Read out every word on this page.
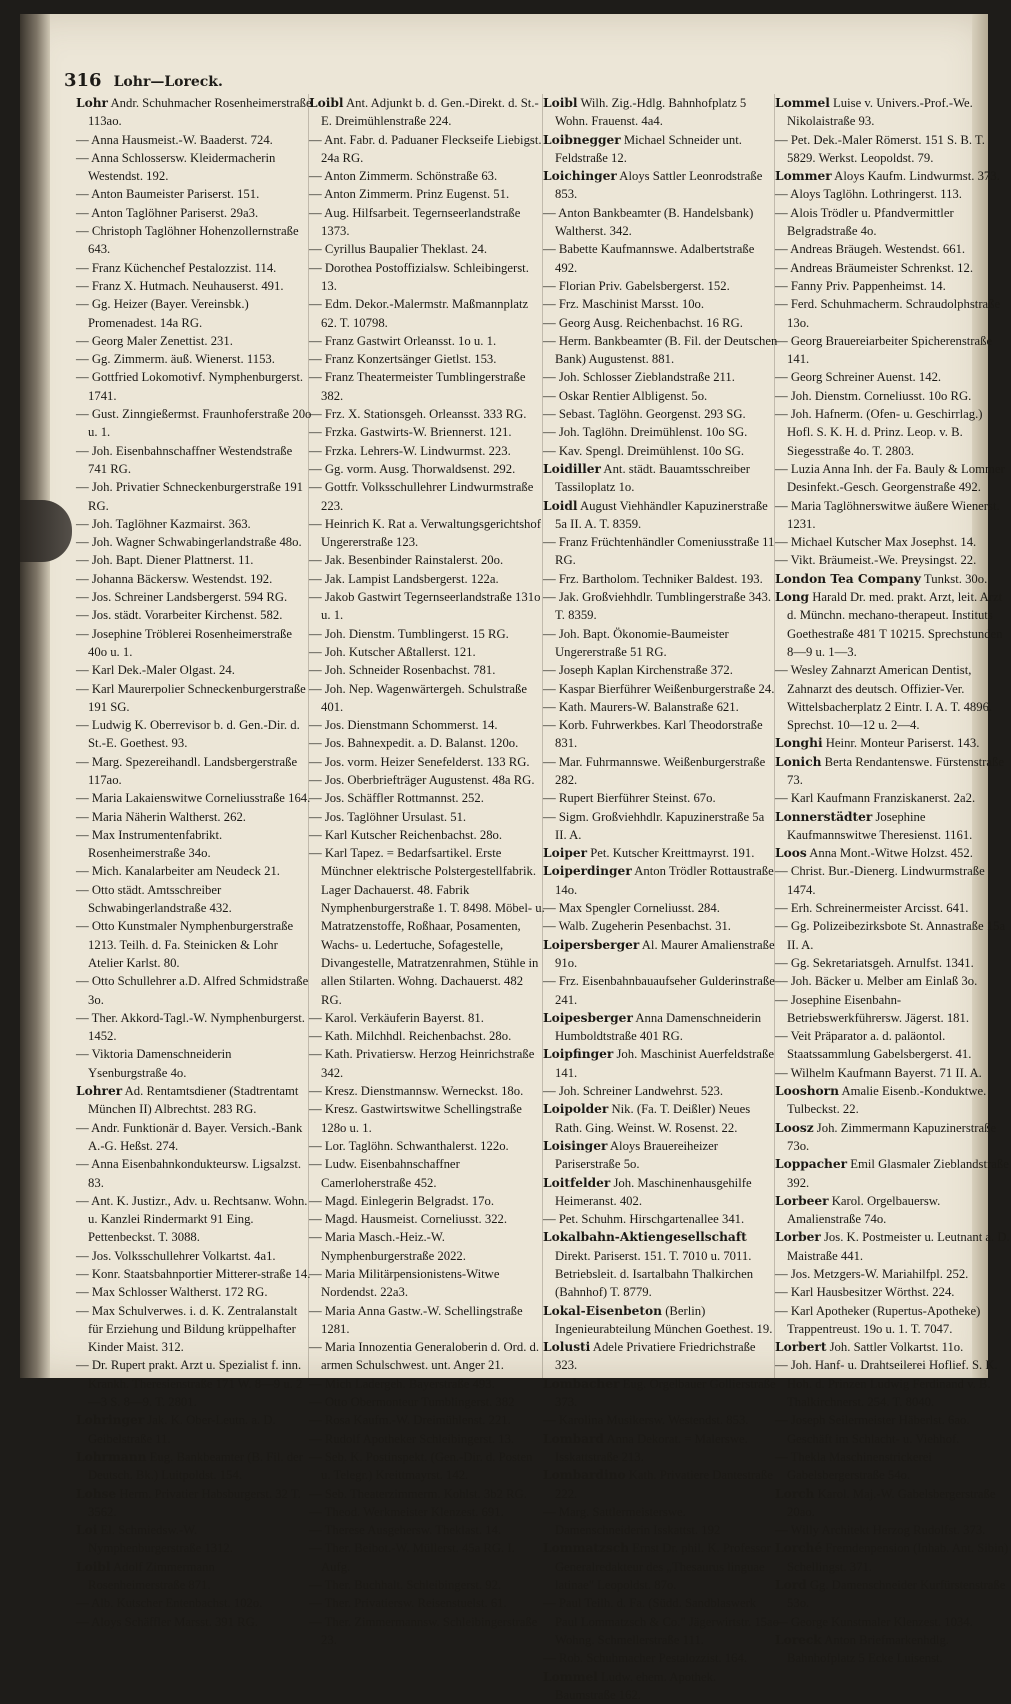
316 Lohr—Loreck.

Lohr Andr. Schuhmacher Rosenheimerstraße 113ao.

— Anna Hausmeist.-W. Baaderst. 724.

— Anna Schlossersw. Kleidermacherin Westendst. 192.

— Anton Baumeister Pariserst. 151.

— Anton Taglöhner Pariserst. 29a3.

— Christoph Taglöhner Hohenzollernstraße 643.

— Franz Küchenchef Pestalozzist. 114.

— Franz X. Hutmach. Neuhauserst. 491.

— Gg. Heizer (Bayer. Vereinsbk.) Promenadest. 14a RG.

— Georg Maler Zenettist. 231.

— Gg. Zimmerm. äuß. Wienerst. 1153.

— Gottfried Lokomotivf. Nymphenburgerst. 1741.

— Gust. Zinngießermst. Fraunhoferstraße 20o u. 1.

— Joh. Eisenbahnschaffner Westendstraße 741 RG.

— Joh. Privatier Schneckenburgerstraße 191 RG.

— Joh. Taglöhner Kazmairst. 363.

— Joh. Wagner Schwabingerlandstraße 48o.

— Joh. Bapt. Diener Plattnerst. 11.

— Johanna Bäckersw. Westendst. 192.

— Jos. Schreiner Landsbergerst. 594 RG.

— Jos. städt. Vorarbeiter Kirchenst. 582.

— Josephine Tröblerei Rosenheimerstraße 40o u. 1.

— Karl Dek.-Maler Olgast. 24.

— Karl Maurerpolier Schneckenburgerstraße 191 SG.

— Ludwig K. Oberrevisor b. d. Gen.-Dir. d. St.-E. Goethest. 93.

— Marg. Spezereihandl. Landsbergerstraße 117ao.

— Maria Lakaienswitwe Corneliusstraße 164.

— Maria Näherin Waltherst. 262.

— Max Instrumentenfabrikt. Rosenheimerstraße 34o.

— Mich. Kanalarbeiter am Neudeck 21.

— Otto städt. Amtsschreiber Schwabingerlandstraße 432.

— Otto Kunstmaler Nymphenburgerstraße 1213. Teilh. d. Fa. Steinicken & Lohr Atelier Karlst. 80.

— Otto Schullehrer a.D. Alfred Schmidstraße 3o.

— Ther. Akkord-Tagl.-W. Nymphenburgerst. 1452.

— Viktoria Damenschneiderin Ysenburgstraße 4o.

Lohrer Ad. Rentamtsdiener (Stadtrentamt München II) Albrechtst. 283 RG.

— Andr. Funktionär d. Bayer. Versich.-Bank A.-G. Heßst. 274.

— Anna Eisenbahnkondukteursw. Ligsalzst. 83.

— Ant. K. Justizr., Adv. u. Rechtsanw. Wohn. u. Kanzlei Rindermarkt 91 Eing. Pettenbeckst. T. 3088.

— Jos. Volksschullehrer Volkartst. 4a1.

— Konr. Staatsbahnportier Mitterer-straße 14.

— Max Schlosser Waltherst. 172 RG.

— Max Schulverwes. i. d. K. Zentralanstalt für Erziehung und Bildung krüppelhafter Kinder Maist. 312.

— Dr. Rupert prakt. Arzt u. Spezialist f. inn. Krankh. Theresienstraße 171 W. 8—9 u. 2—3 S. 8—9. T. 2801.

Lohringer Jak. K. Ober-Leutn. a. D. Geibelstraße 11.

Lohrmann Eug. Bankbeamter (B. Fil. der Deutsch. Bk.) Luitpoldst. 154.

Lohse Herm. Privatier Habsburgerst. 32 T. 3562.

Loi El. Schmiedsw.-W. Nymphenburgerstraße 1312.

Loibl Adolf Zimmermann Rosenheimerstraße 871.

— Alb. Kutscher Entenbachst. 102o.

— Aloys Schäffler Marsst. 391 RG.

Loibl Ant. Adjunkt b. d. Gen.-Direkt. d. St.-E. Dreimühlenstraße 224.

— Ant. Fabr. d. Paduaner Fleckseife Liebigst. 24a RG.

— Anton Zimmerm. Schönstraße 63.

— Anton Zimmerm. Prinz Eugenst. 51.

— Aug. Hilfsarbeit. Tegernseerlandstraße 1373.

— Cyrillus Baupalier Theklast. 24.

— Dorothea Postoffizialsw. Schleibingerst. 13.

— Edm. Dekor.-Malermstr. Maßmannplatz 62. T. 10798.

— Franz Gastwirt Orleansst. 1o u. 1.

— Franz Konzertsänger Gietlst. 153.

— Franz Theatermeister Tumblingerstraße 382.

— Frz. X. Stationsgeh. Orleansst. 333 RG.

— Frzka. Gastwirts-W. Briennerst. 121.

— Frzka. Lehrers-W. Lindwurmst. 223.

— Gg. vorm. Ausg. Thorwaldsenst. 292.

— Gottfr. Volksschullehrer Lindwurmstraße 223.

— Heinrich K. Rat a. Verwaltungsgerichtshof Ungererstraße 123.

— Jak. Besenbinder Rainstalerst. 20o.

— Jak. Lampist Landsbergerst. 122a.

— Jakob Gastwirt Tegernseerlandstraße 131o u. 1.

— Joh. Dienstm. Tumblingerst. 15 RG.

— Joh. Kutscher Aßtallerst. 121.

— Joh. Schneider Rosenbachst. 781.

— Joh. Nep. Wagenwärtergeh. Schulstraße 401.

— Jos. Dienstmann Schommerst. 14.

— Jos. Bahnexpedit. a. D. Balanst. 120o.

— Jos. vorm. Heizer Senefelderst. 133 RG.

— Jos. Oberbriefträger Augustenst. 48a RG.

— Jos. Schäffler Rottmannst. 252.

— Jos. Taglöhner Ursulast. 51.

— Karl Kutscher Reichenbachst. 28o.

— Karl Tapez. = Bedarfsartikel. Erste Münchner elektrische Polstergestellfabrik. Lager Dachauerst. 48. Fabrik Nymphenburgerstraße 1. T. 8498. Möbel- u. Matratzenstoffe, Roßhaar, Posamenten, Wachs- u. Ledertuche, Sofagestelle, Divangestelle, Matratzenrahmen, Stühle in allen Stilarten. Wohng. Dachauerst. 482 RG.

— Karol. Verkäuferin Bayerst. 81.

— Kath. Milchhdl. Reichenbachst. 28o.

— Kath. Privatiersw. Herzog Heinrichstraße 342.

— Kresz. Dienstmannsw. Werneckst. 18o.

— Kresz. Gastwirtswitwe Schellingstraße 128o u. 1.

— Lor. Taglöhn. Schwanthalerst. 122o.

— Ludw. Eisenbahnschaffner Camerloherstraße 452.

— Magd. Einlegerin Belgradst. 17o.

— Magd. Hausmeist. Corneliusst. 322.

— Maria Masch.-Heiz.-W. Nymphenburgerstraße 2022.

— Maria Militärpensionistens-Witwe Nordendst. 22a3.

— Maria Anna Gastw.-W. Schellingstraße 1281.

— Maria Innozentia Generaloberin d. Ord. d. armen Schulschwest. unt. Anger 21.

— Mich Ladergeh. Bayerstraße 493.

— Otto Obermonteur Tumblingerst. 382

— Rosa Kaufm.-W. Dreimühlenst. 221.

— Rudolf Apotheker Schleibingerst. 13.

— Seb. K. Postinspekt. (Gen.-Dir. d. Posten u. Telegr.) Kreittmayrst. 142.

— Seb. Theaterzimmerm. Kohlst. 3b2 RG.

— Theod. Werkmeister Klenzest. 691.

— Therese Ausgehersw. Theklast. 14.

— Ther. Beibot.-W. Müllerst. 45a RG. I. Aufg.

— Ther. Buchhalt. Schleibingerst. 92.

— Ther. Privatiersw. Reisenstuelst. 61.

— Ther. Zimmermannsw. Schleibingerstraße 23.

Loibl Wilh. Zig.-Hdlg. Bahnhofplatz 5 Wohn. Frauenst. 4a4.

Loibnegger Michael Schneider unt. Feldstraße 12.

Loichinger Aloys Sattler Leonrodstraße 853.

— Anton Bankbeamter (B. Handelsbank) Waltherst. 342.

— Babette Kaufmannswe. Adalbertstraße 492.

— Florian Priv. Gabelsbergerst. 152.

— Frz. Maschinist Marsst. 10o.

— Georg Ausg. Reichenbachst. 16 RG.

— Herm. Bankbeamter (B. Fil. der Deutschen Bank) Augustenst. 881.

— Joh. Schlosser Zieblandstraße 211.

— Oskar Rentier Albligenst. 5o.

— Sebast. Taglöhn. Georgenst. 293 SG.

— Joh. Taglöhn. Dreimühlenst. 10o SG.

— Kav. Spengl. Dreimühlenst. 10o SG.

Loidiller Ant. städt. Bauamtsschreiber Tassiloplatz 1o.

Loidl August Viehhändler Kapuzinerstraße 5a II. A. T. 8359.

— Franz Früchtenhändler Comeniusstraße 11 RG.

— Frz. Bartholom. Techniker Baldest. 193.

— Jak. Großviehhdlr. Tumblingerstraße 343. T. 8359.

— Joh. Bapt. Ökonomie-Baumeister Ungererstraße 51 RG.

— Joseph Kaplan Kirchenstraße 372.

— Kaspar Bierführer Weißenburgerstraße 24.

— Kath. Maurers-W. Balanstraße 621.

— Korb. Fuhrwerkbes. Karl Theodorstraße 831.

— Mar. Fuhrmannswe. Weißenburgerstraße 282.

— Rupert Bierführer Steinst. 67o.

— Sigm. Großviehhdlr. Kapuzinerstraße 5a II. A.

Loiper Pet. Kutscher Kreittmayrst. 191.

Loiperdinger Anton Trödler Rottaustraße 14o.

— Max Spengler Corneliusst. 284.

— Walb. Zugeherin Pesenbachst. 31.

Loipersberger Al. Maurer Amalienstraße 91o.

— Frz. Eisenbahnbauaufseher Gulderinstraße 241.

Loipesberger Anna Damenschneiderin Humboldtstraße 401 RG.

Loipfinger Joh. Maschinist Auerfeldstraße 141.

— Joh. Schreiner Landwehrst. 523.

Loipolder Nik. (Fa. T. Deißler) Neues Rath. Ging. Weinst. W. Rosenst. 22.

Loisinger Aloys Brauereiheizer Pariserstraße 5o.

Loitfelder Joh. Maschinenhausgehilfe Heimeranst. 402.

— Pet. Schuhm. Hirschgartenallee 341.

Lokalbahn-Aktiengesellschaft Direkt. Pariserst. 151. T. 7010 u. 7011. Betriebsleit. d. Isartalbahn Thalkirchen (Bahnhof) T. 8779.

Lokal-Eisenbeton (Berlin) Ingenieurabteilung München Goethest. 19.

Lolusti Adele Privatiere Friedrichstraße 323.

Lombacher Eug. Orgelbauer Gollierstraße 373.

— Karolina Musikersw. Westendst. 853.

Lombard Anna Dekorat. = Malerswe. Isskattstraße 213.

Lombardino Kath. Privatiere Dantestraße 222.

— Marg. Sattlermeisterswe. Damenschneiderin Isskattst. 192

Lommatzsch Ernst Dr. phil. K. Professor Generalredakteur des „Thesaurus linguae latinae" Leopoldst. 87o.

— Paul Teilh. d. Fa. (Südd. Sandblaswerk Paul Lommatzsch & Co." Jägerwirtstr. 15ao Wohng. Schmellerstraße 111.

— Rob. Schuhmacher Pestalozzist. 164.

Lommel Ludw. ehem. Apothek. Baumstraße 162.

Lommel Luise v. Univers.-Prof.-We. Nikolaistraße 93.

— Pet. Dek.-Maler Römerst. 151 S. B. T. 5829. Werkst. Leopoldst. 79.

Lommer Aloys Kaufm. Lindwurmst. 373.

— Aloys Taglöhn. Lothringerst. 113.

— Alois Trödler u. Pfandvermittler Belgradstraße 4o.

— Andreas Bräugeh. Westendst. 661.

— Andreas Bräumeister Schrenkst. 12.

— Fanny Priv. Pappenheimst. 14.

— Ferd. Schuhmacherm. Schraudolphstraße 13o.

— Georg Brauereiarbeiter Spicherenstraße 141.

— Georg Schreiner Auenst. 142.

— Joh. Dienstm. Corneliusst. 10o RG.

— Joh. Hafnerm. (Ofen- u. Geschirrlag.) Hofl. S. K. H. d. Prinz. Leop. v. B. Siegesstraße 4o. T. 2803.

— Luzia Anna Inh. der Fa. Bauly & Lommer Desinfekt.-Gesch. Georgenstraße 492.

— Maria Taglöhnerswitwe äußere Wienerst. 1231.

— Michael Kutscher Max Josephst. 14.

— Vikt. Bräumeist.-We. Preysingst. 22.

London Tea Company Tunkst. 30o.

Long Harald Dr. med. prakt. Arzt, leit. Arzt d. Münchn. mechano-therapeut. Instituts Goethestraße 481 T 10215. Sprechstunden 8—9 u. 1—3.

— Wesley Zahnarzt American Dentist, Zahnarzt des deutsch. Offizier-Ver. Wittelsbacherplatz 2 Eintr. I. A. T. 4896. Sprechst. 10—12 u. 2—4.

Longhi Heinr. Monteur Pariserst. 143.

Lonich Berta Rendantenswe. Fürstenstraße 73.

— Karl Kaufmann Franziskanerst. 2a2.

Lonnerstädter Josephine Kaufmannswitwe Theresienst. 1161.

Loos Anna Mont.-Witwe Holzst. 452.

— Christ. Bur.-Dienerg. Lindwurmstraße 1474.

— Erh. Schreinermeister Arcisst. 641.

— Gg. Polizeibezirksbote St. Annastraße 15a II. A.

— Gg. Sekretariatsgeh. Arnulfst. 1341.

— Joh. Bäcker u. Melber am Einlaß 3o.

— Josephine Eisenbahn-Betriebswerkführersw. Jägerst. 181.

— Veit Präparator a. d. paläontol. Staatssammlung Gabelsbergerst. 41.

— Wilhelm Kaufmann Bayerst. 71 II. A.

Looshorn Amalie Eisenb.-Konduktwe. Tulbeckst. 22.

Loosz Joh. Zimmermann Kapuzinerstraße 73o.

Loppacher Emil Glasmaler Zieblandstraße 392.

Lorbeer Karol. Orgelbauersw. Amalienstraße 74o.

Lorber Jos. K. Postmeister u. Leutnant a. D. Maistraße 441.

— Jos. Metzgers-W. Mariahilfpl. 252.

— Karl Hausbesitzer Wörthst. 224.

— Karl Apotheker (Rupertus-Apotheke) Trappentreust. 19o u. 1. T. 7047.

Lorbert Joh. Sattler Volkartst. 11o.

— Joh. Hanf- u. Drahtseilerei Hoflief. S. K. Hoh. d. Prinzen Ludwig Ferdinand v. B. Thalkirchnerst. 254. T. 8040.

— Joseph Seilermeister Häberlst. 6ao. Geschäft im Schlacht- u. Viehhof.

— Thekla Maschinenstrickerei Gabelsbergerstraße 54o.

Lorch Karol. Maj.-W. Gabelsbergerstraße 20ao.

— Willy Architekt Herzog Rudolfst. 373.

Lorché Fremdenpension (Inhab. Ant. Sibin) Schellingst. 371.

Lord Gg. Damenschneider Kurfürstenstraße 53o.

— George Kunstmaler Klenzest. 1034.

Loreck Anton Briefmarkenhdlg. Bahnhofplatz 5 Ecke Luisenst.
